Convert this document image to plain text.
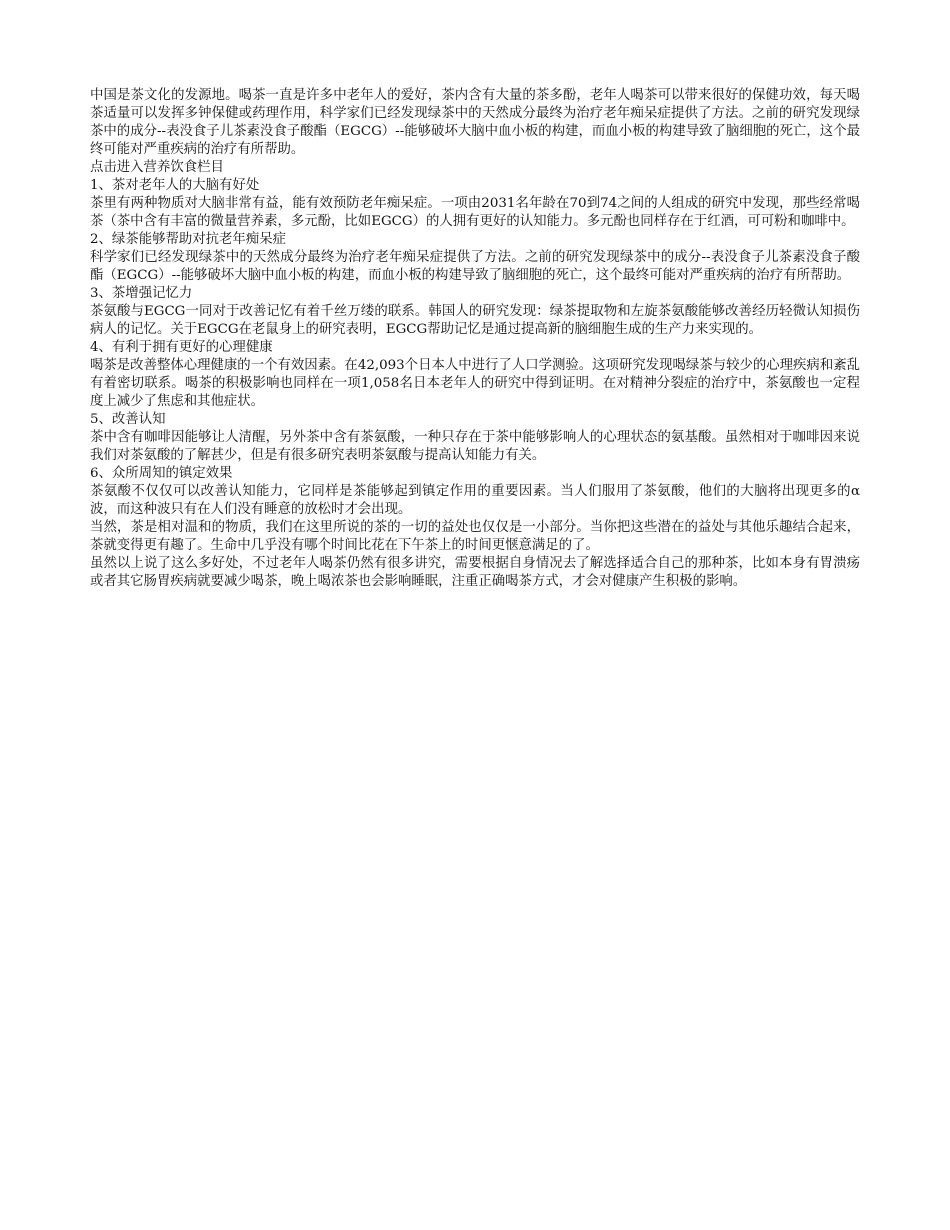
中国是茶文化的发源地。喝茶一直是许多中老年人的爱好，茶内含有大量的茶多酚，老年人喝茶可以带来很好的保健功效，每天喝茶适量可以发挥多钟保健或药理作用，科学家们已经发现绿茶中的天然成分最终为治疗老年痴呆症提供了方法。之前的研究发现绿茶中的成分--表没食子儿茶素没食子酸酯（EGCG）--能够破坏大脑中血小板的构建，而血小板的构建导致了脑细胞的死亡，这个最终可能对严重疾病的治疗有所帮助。

点击进入营养饮食栏目

1、茶对老年人的大脑有好处

茶里有两种物质对大脑非常有益，能有效预防老年痴呆症。一项由2031名年龄在70到74之间的人组成的研究中发现，那些经常喝茶（茶中含有丰富的微量营养素，多元酚，比如EGCG）的人拥有更好的认知能力。多元酚也同样存在于红酒，可可粉和咖啡中。

2、绿茶能够帮助对抗老年痴呆症

科学家们已经发现绿茶中的天然成分最终为治疗老年痴呆症提供了方法。之前的研究发现绿茶中的成分--表没食子儿茶素没食子酸酯（EGCG）--能够破坏大脑中血小板的构建，而血小板的构建导致了脑细胞的死亡，这个最终可能对严重疾病的治疗有所帮助。

3、茶增强记忆力

茶氨酸与EGCG一同对于改善记忆有着千丝万缕的联系。韩国人的研究发现：绿茶提取物和左旋茶氨酸能够改善经历轻微认知损伤病人的记忆。关于EGCG在老鼠身上的研究表明，EGCG帮助记忆是通过提高新的脑细胞生成的生产力来实现的。

4、有利于拥有更好的心理健康

喝茶是改善整体心理健康的一个有效因素。在42,093个日本人中进行了人口学测验。这项研究发现喝绿茶与较少的心理疾病和紊乱有着密切联系。喝茶的积极影响也同样在一项1,058名日本老年人的研究中得到证明。在对精神分裂症的治疗中，茶氨酸也一定程度上减少了焦虑和其他症状。

5、改善认知

茶中含有咖啡因能够让人清醒，另外茶中含有茶氨酸，一种只存在于茶中能够影响人的心理状态的氨基酸。虽然相对于咖啡因来说我们对茶氨酸的了解甚少，但是有很多研究表明茶氨酸与提高认知能力有关。

6、众所周知的镇定效果

茶氨酸不仅仅可以改善认知能力，它同样是茶能够起到镇定作用的重要因素。当人们服用了茶氨酸，他们的大脑将出现更多的α波，而这种波只有在人们没有睡意的放松时才会出现。

当然，茶是相对温和的物质，我们在这里所说的茶的一切的益处也仅仅是一小部分。当你把这些潜在的益处与其他乐趣结合起来，茶就变得更有趣了。生命中几乎没有哪个时间比花在下午茶上的时间更惬意满足的了。

虽然以上说了这么多好处，不过老年人喝茶仍然有很多讲究，需要根据自身情况去了解选择适合自己的那种茶，比如本身有胃溃疡或者其它肠胃疾病就要减少喝茶，晚上喝浓茶也会影响睡眠，注重正确喝茶方式，才会对健康产生积极的影响。
